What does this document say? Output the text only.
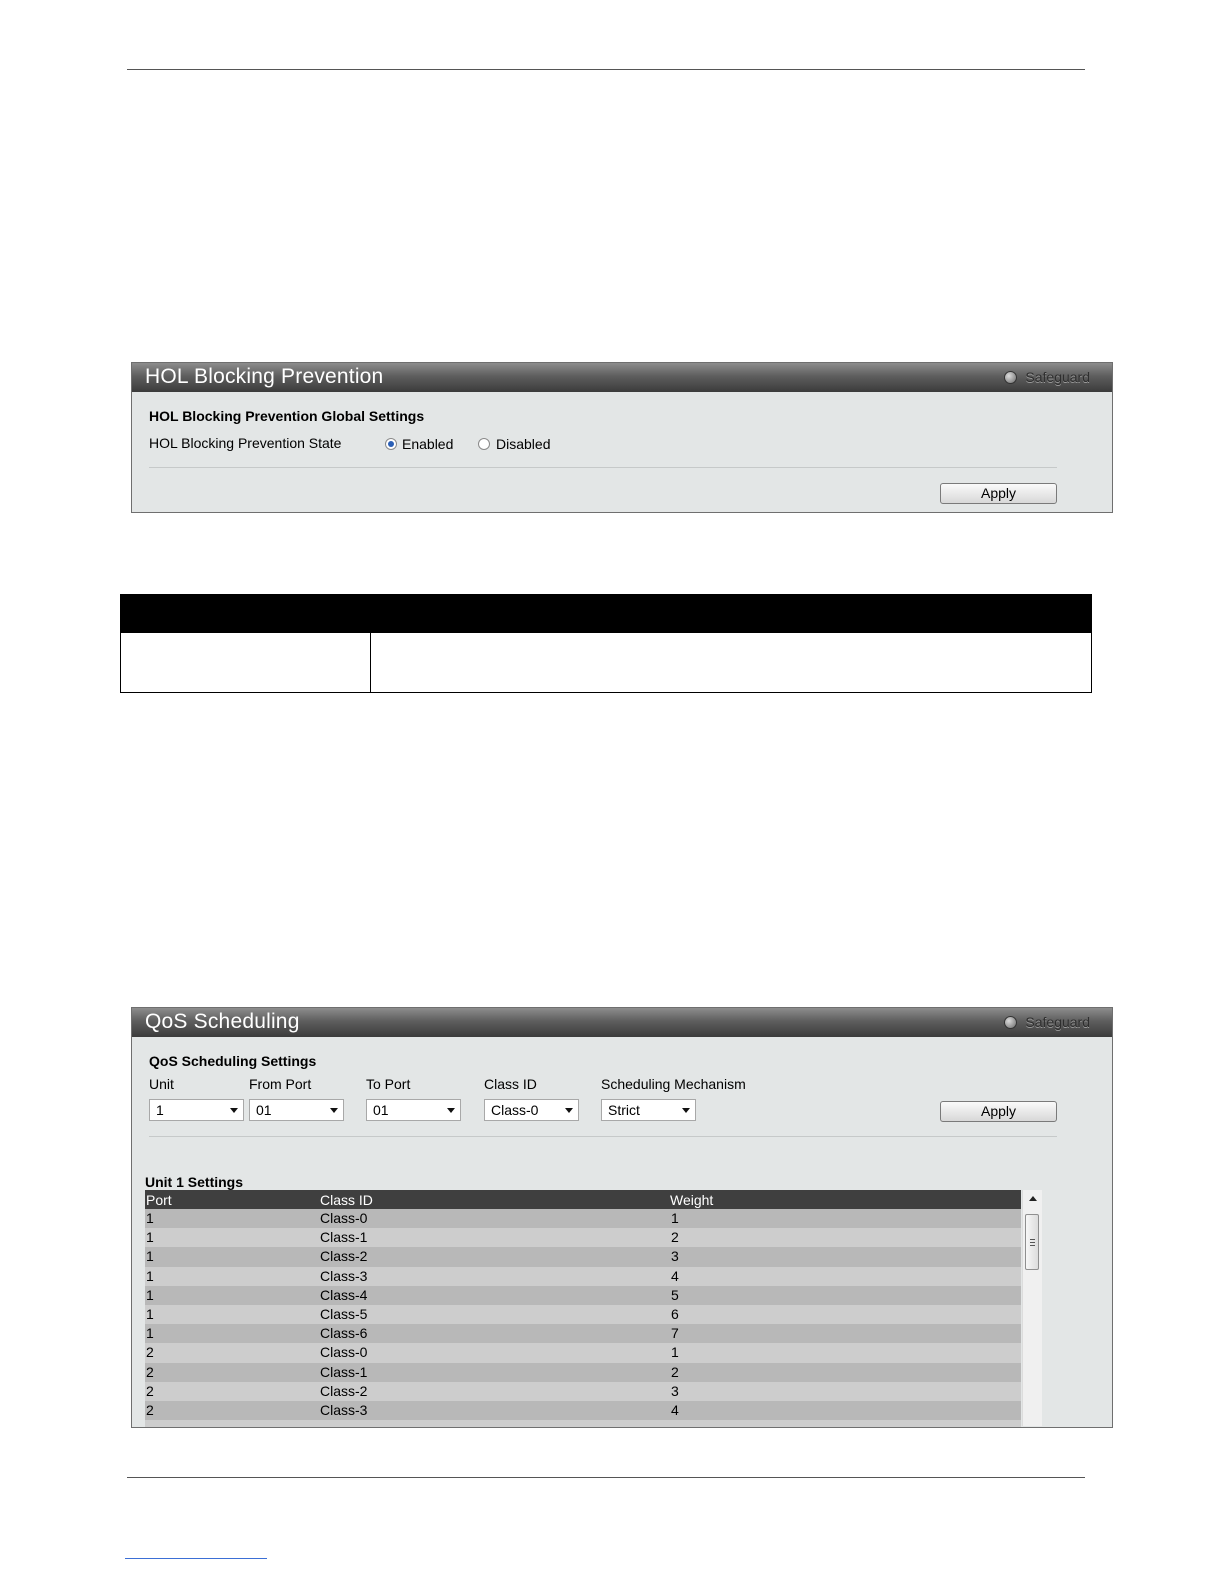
HOL Blocking Prevention	Safeguard
HOL Blocking Prevention Global Settings
HOL Blocking Prevention State	Enabled	Disabled
Apply
QoS Scheduling	Safeguard
QoS Scheduling Settings
Unit	From Port	To Port	Class ID	Scheduling Mechanism
1	01	01	Class-0	Strict	Apply
Unit 1 Settings
Port	Class ID	Weight
1	Class-0	1
1	Class-1	2
1	Class-2	3
1	Class-3	4
1	Class-4	5
1	Class-5	6
1	Class-6	7
2	Class-0	1
2	Class-1	2
2	Class-2	3
2	Class-3	4
